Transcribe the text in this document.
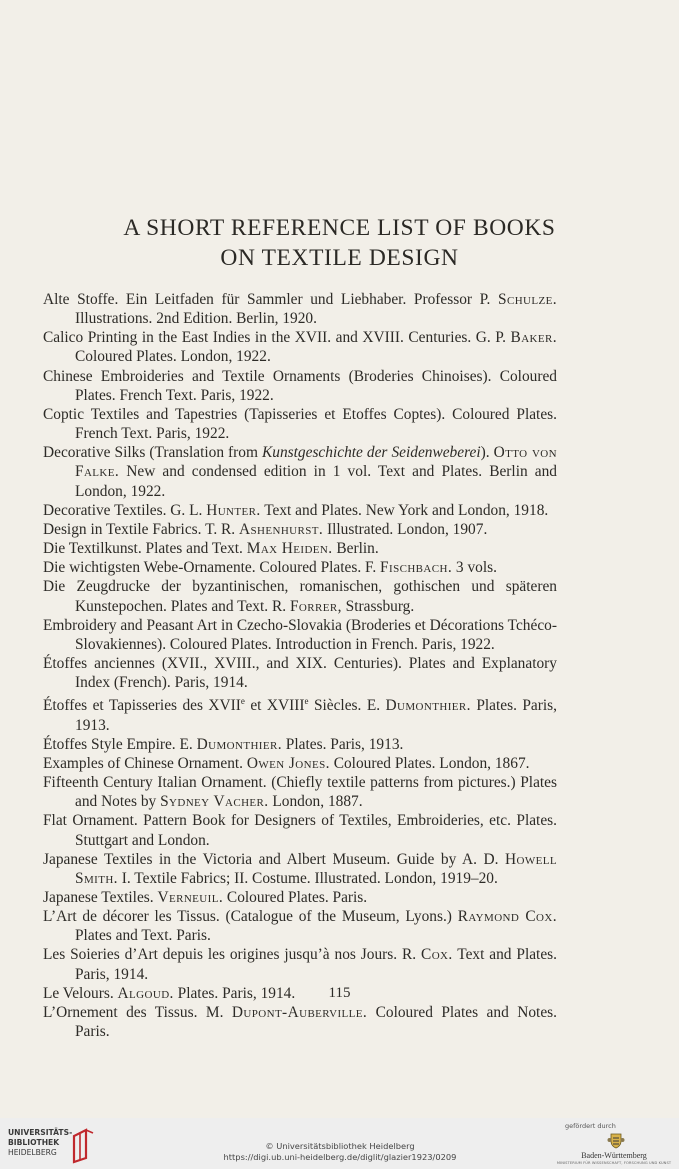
A SHORT REFERENCE LIST OF BOOKS
ON TEXTILE DESIGN
Alte Stoffe. Ein Leitfaden für Sammler und Liebhaber. Professor P. Schulze. Illustrations. 2nd Edition. Berlin, 1920.
Calico Printing in the East Indies in the XVII. and XVIII. Centuries. G. P. Baker. Coloured Plates. London, 1922.
Chinese Embroideries and Textile Ornaments (Broderies Chinoises). Coloured Plates. French Text. Paris, 1922.
Coptic Textiles and Tapestries (Tapisseries et Etoffes Coptes). Coloured Plates. French Text. Paris, 1922.
Decorative Silks (Translation from Kunstgeschichte der Seidenweberei). Otto von Falke. New and condensed edition in 1 vol. Text and Plates. Berlin and London, 1922.
Decorative Textiles. G. L. Hunter. Text and Plates. New York and London, 1918.
Design in Textile Fabrics. T. R. Ashenhurst. Illustrated. London, 1907.
Die Textilkunst. Plates and Text. Max Heiden. Berlin.
Die wichtigsten Webe-Ornamente. Coloured Plates. F. Fischbach. 3 vols.
Die Zeugdrucke der byzantinischen, romanischen, gothischen und späteren Kunstepochen. Plates and Text. R. Forrer, Strassburg.
Embroidery and Peasant Art in Czecho-Slovakia (Broderies et Décorations Tchéco-Slovakiennes). Coloured Plates. Introduction in French. Paris, 1922.
Étoffes anciennes (XVII., XVIII., and XIX. Centuries). Plates and Explanatory Index (French). Paris, 1914.
Étoffes et Tapisseries des XVIIe et XVIIIe Siècles. E. Dumonthier. Plates. Paris, 1913.
Étoffes Style Empire. E. Dumonthier. Plates. Paris, 1913.
Examples of Chinese Ornament. Owen Jones. Coloured Plates. London, 1867.
Fifteenth Century Italian Ornament. (Chiefly textile patterns from pictures.) Plates and Notes by Sydney Vacher. London, 1887.
Flat Ornament. Pattern Book for Designers of Textiles, Embroideries, etc. Plates. Stuttgart and London.
Japanese Textiles in the Victoria and Albert Museum. Guide by A. D. Howell Smith. I. Textile Fabrics; II. Costume. Illustrated. London, 1919–20.
Japanese Textiles. Verneuil. Coloured Plates. Paris.
L’Art de décorer les Tissus. (Catalogue of the Museum, Lyons.) Raymond Cox. Plates and Text. Paris.
Les Soieries d’Art depuis les origines jusqu’à nos Jours. R. Cox. Text and Plates. Paris, 1914.
Le Velours. Algoud. Plates. Paris, 1914.
L’Ornement des Tissus. M. Dupont-Auberville. Coloured Plates and Notes. Paris.
115
UNIVERSITÄTS-
BIBLIOTHEK
HEIDELBERG
© Universitätsbibliothek Heidelberg
https://digi.ub.uni-heidelberg.de/diglit/glazier1923/0209
gefördert durch
Baden-Württemberg
MINISTERIUM FÜR WISSENSCHAFT, FORSCHUNG UND KUNST
